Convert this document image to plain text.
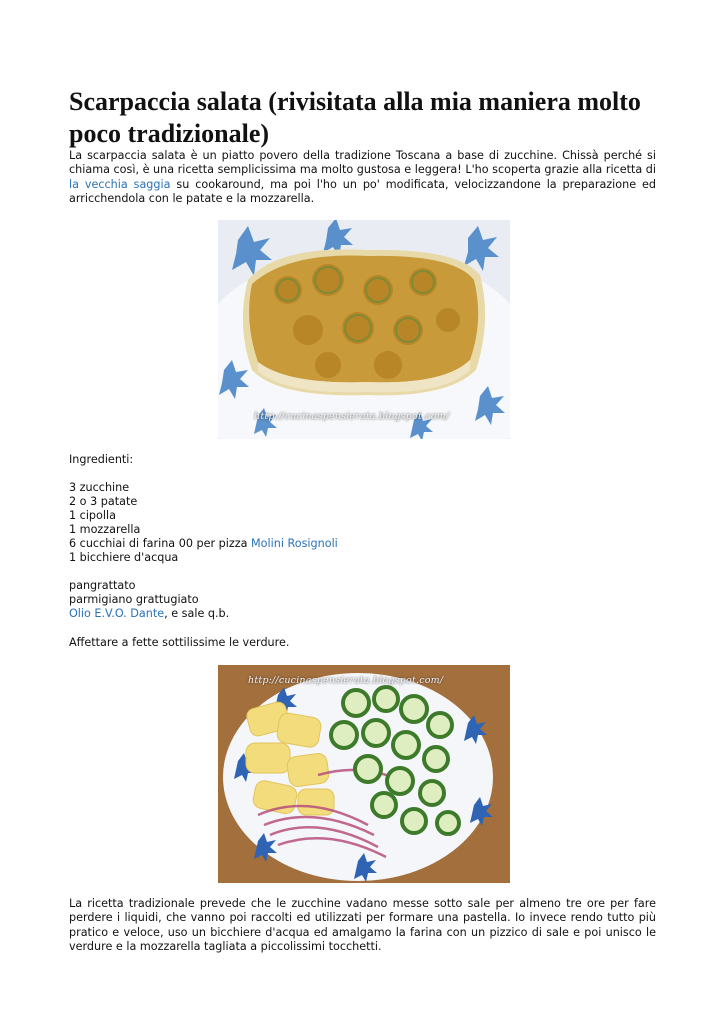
Scarpaccia salata (rivisitata alla mia maniera molto poco tradizionale)

La scarpaccia salata è un piatto povero della tradizione Toscana a base di zucchine. Chissà perché si chiama così, è una ricetta semplicissima ma molto gustosa e leggera! L'ho scoperta grazie alla ricetta di la vecchia saggia su cookaround, ma poi l'ho un po' modificata, velocizzandone la preparazione ed arricchendola con le patate e la mozzarella.

http://cucinaspensierata.blogspot.com/

Ingredienti:

3 zucchine

2 o 3 patate

1 cipolla

1 mozzarella

6 cucchiai di farina 00 per pizza Molini Rosignoli

1 bicchiere d'acqua

pangrattato

parmigiano grattugiato

Olio E.V.O. Dante, e sale q.b.

Affettare a fette sottilissime le verdure.

http://cucinaspensierata.blogspot.com/

La ricetta tradizionale prevede che le zucchine vadano messe sotto sale per almeno tre ore per fare perdere i liquidi, che vanno poi raccolti ed utilizzati per formare una pastella. Io invece rendo tutto più pratico e veloce, uso un bicchiere d'acqua ed amalgamo la farina con un pizzico di sale e poi unisco le verdure e la mozzarella tagliata a piccolissimi tocchetti.
